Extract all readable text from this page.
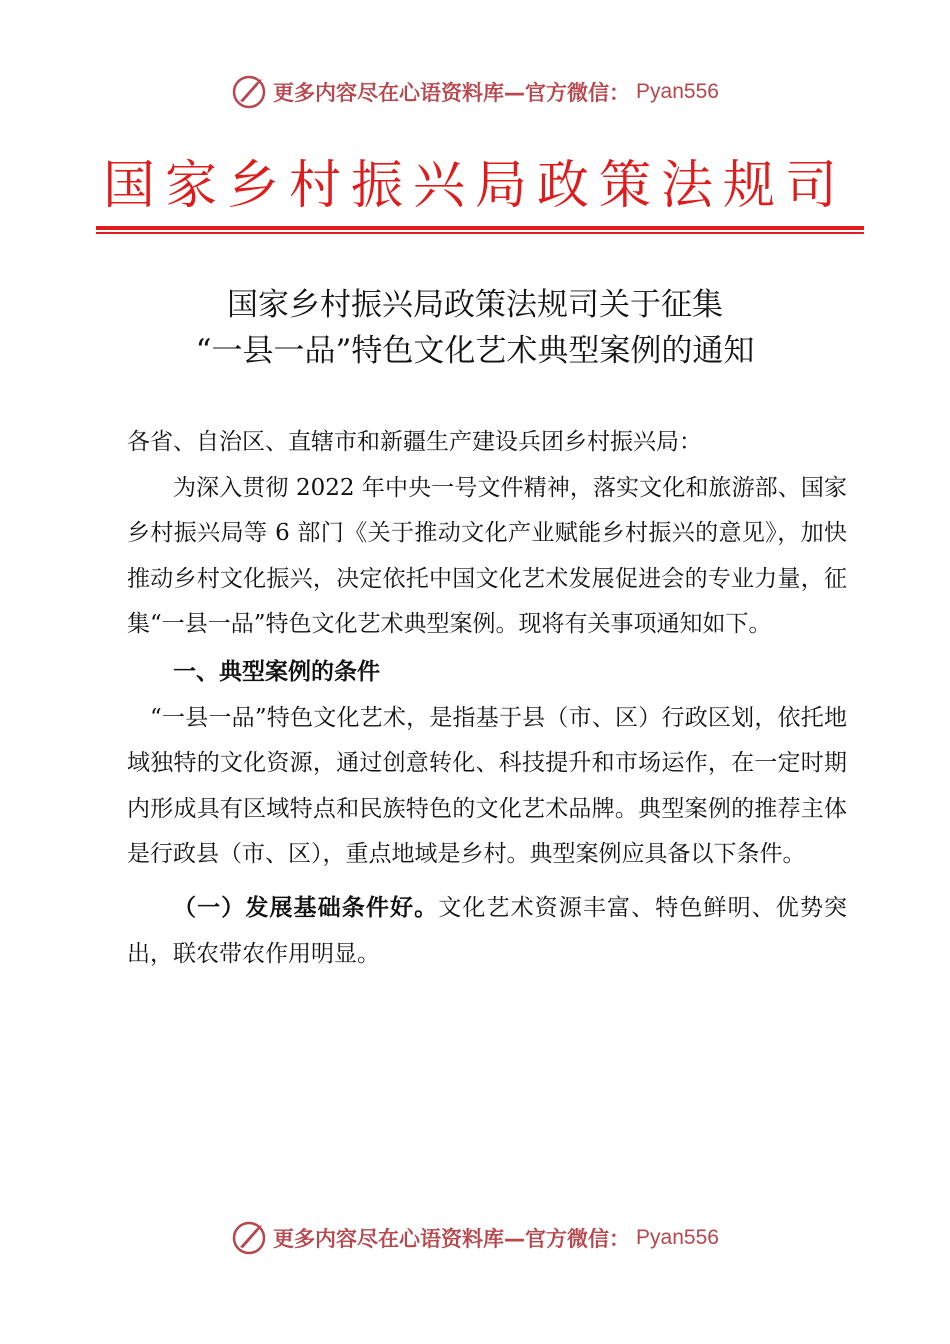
更多内容尽在心语资料库—官方微信： Pyan556
国家乡村振兴局政策法规司
国家乡村振兴局政策法规司关于征集
“一县一品”特色文化艺术典型案例的通知

各省、自治区、直辖市和新疆生产建设兵团乡村振兴局：

为深入贯彻 2022 年中央一号文件精神，落实文化和旅游部、国家乡村振兴局等 6 部门《关于推动文化产业赋能乡村振兴的意见》，加快推动乡村文化振兴，决定依托中国文化艺术发展促进会的专业力量，征集“一县一品”特色文化艺术典型案例。现将有关事项通知如下。

一、典型案例的条件

“一县一品”特色文化艺术，是指基于县（市、区）行政区划，依托地域独特的文化资源，通过创意转化、科技提升和市场运作，在一定时期内形成具有区域特点和民族特色的文化艺术品牌。典型案例的推荐主体是行政县（市、区），重点地域是乡村。典型案例应具备以下条件。

（一）发展基础条件好。文化艺术资源丰富、特色鲜明、优势突出，联农带农作用明显。

更多内容尽在心语资料库—官方微信： Pyan556
